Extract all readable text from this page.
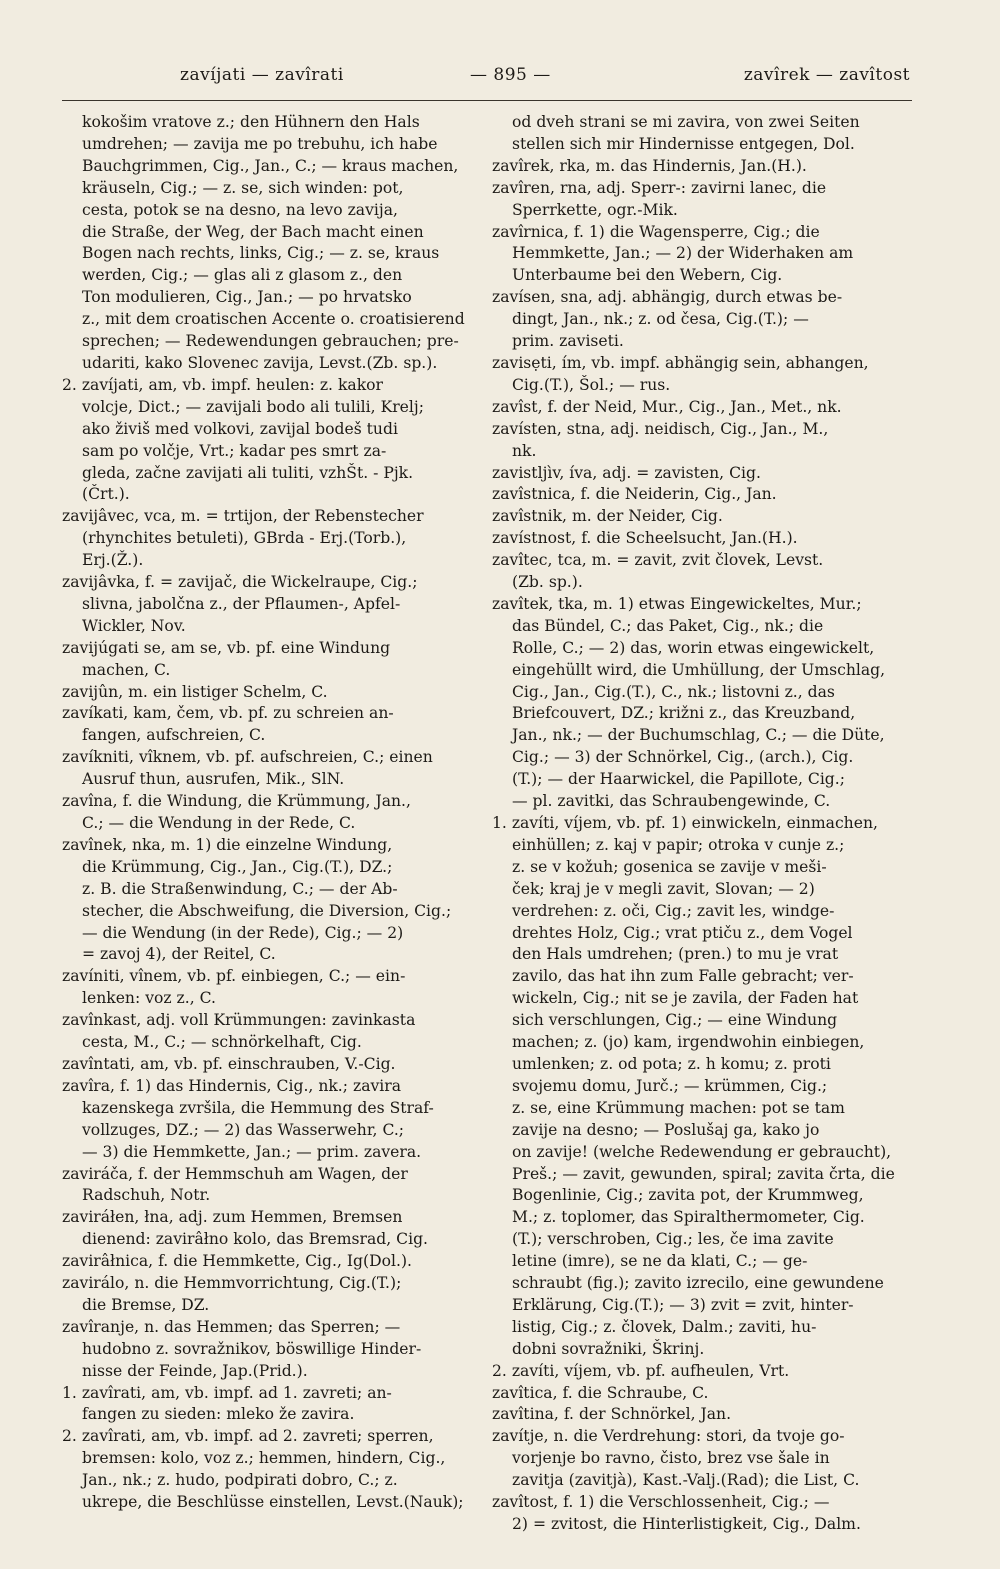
zavíjati — zavîrati	— 895 —	zavîrek — zavîtost
kokošim vratove z.; den Hühnern den Hals
umdrehen; — zavija me po trebuhu, ich habe
Bauchgrimmen, Cig., Jan., C.; — kraus machen,
kräuseln, Cig.; — z. se, sich winden: pot,
cesta, potok se na desno, na levo zavija,
die Straße, der Weg, der Bach macht einen
Bogen nach rechts, links, Cig.; — z. se, kraus
werden, Cig.; — glas ali z glasom z., den
Ton modulieren, Cig., Jan.; — po hrvatsko
z., mit dem croatischen Accente o. croatisierend
sprechen; — Redewendungen gebrauchen; pre-
udariti, kako Slovenec zavija, Levst.(Zb. sp.).
2. zavíjati, am, vb. impf. heulen: z. kakor
volcje, Dict.; — zavijali bodo ali tulili, Krelj;
ako živiš med volkovi, zavijal bodeš tudi
sam po volčje, Vrt.; kadar pes smrt za-
gleda, začne zavijati ali tuliti, vzhŠt. - Pjk.
(Črt.).
zavijâvec, vca, m. = trtijon, der Rebenstecher
(rhynchites betuleti), GBrda - Erj.(Torb.),
Erj.(Ž.).
zavijâvka, f. = zavijač, die Wickelraupe, Cig.;
slivna, jabolčna z., der Pflaumen-, Apfel-
Wickler, Nov.
zavijúgati se, am se, vb. pf. eine Windung
machen, C.
zavijûn, m. ein listiger Schelm, C.
zavíkati, kam, čem, vb. pf. zu schreien an-
fangen, aufschreien, C.
zavíkniti, vîknem, vb. pf. aufschreien, C.; einen
Ausruf thun, ausrufen, Mik., SlN.
zavîna, f. die Windung, die Krümmung, Jan.,
C.; — die Wendung in der Rede, C.
zavînek, nka, m. 1) die einzelne Windung,
die Krümmung, Cig., Jan., Cig.(T.), DZ.;
z. B. die Straßenwindung, C.; — der Ab-
stecher, die Abschweifung, die Diversion, Cig.;
— die Wendung (in der Rede), Cig.; — 2)
= zavoj 4), der Reitel, C.
zavíniti, vînem, vb. pf. einbiegen, C.; — ein-
lenken: voz z., C.
zavînkast, adj. voll Krümmungen: zavinkasta
cesta, M., C.; — schnörkelhaft, Cig.
zavîntati, am, vb. pf. einschrauben, V.-Cig.
zavîra, f. 1) das Hindernis, Cig., nk.; zavira
kazenskega zvršila, die Hemmung des Straf-
vollzuges, DZ.; — 2) das Wasserwehr, C.;
— 3) die Hemmkette, Jan.; — prim. zavera.
zaviráča, f. der Hemmschuh am Wagen, der
Radschuh, Notr.
zaviráłen, łna, adj. zum Hemmen, Bremsen
dienend: zavirâłno kolo, das Bremsrad, Cig.
zavirâłnica, f. die Hemmkette, Cig., Ig(Dol.).
zavirálo, n. die Hemmvorrichtung, Cig.(T.);
die Bremse, DZ.
zavîranje, n. das Hemmen; das Sperren; —
hudobno z. sovražnikov, böswillige Hinder-
nisse der Feinde, Jap.(Prid.).
1. zavîrati, am, vb. impf. ad 1. zavreti; an-
fangen zu sieden: mleko že zavira.
2. zavîrati, am, vb. impf. ad 2. zavreti; sperren,
bremsen: kolo, voz z.; hemmen, hindern, Cig.,
Jan., nk.; z. hudo, podpirati dobro, C.; z.
ukrepe, die Beschlüsse einstellen, Levst.(Nauk);
od dveh strani se mi zavira, von zwei Seiten
stellen sich mir Hindernisse entgegen, Dol.
zavîrek, rka, m. das Hindernis, Jan.(H.).
zavîren, rna, adj. Sperr-: zavirni lanec, die
Sperrkette, ogr.-Mik.
zavîrnica, f. 1) die Wagensperre, Cig.; die
Hemmkette, Jan.; — 2) der Widerhaken am
Unterbaume bei den Webern, Cig.
zavísen, sna, adj. abhängig, durch etwas be-
dingt, Jan., nk.; z. od česa, Cig.(T.); —
prim. zaviseti.
zavisẹti, ím, vb. impf. abhängig sein, abhangen,
Cig.(T.), Šol.; — rus.
zavîst, f. der Neid, Mur., Cig., Jan., Met., nk.
zavísten, stna, adj. neidisch, Cig., Jan., M.,
nk.
zavistljìv, íva, adj. = zavisten, Cig.
zavîstnica, f. die Neiderin, Cig., Jan.
zavîstnik, m. der Neider, Cig.
zavístnost, f. die Scheelsucht, Jan.(H.).
zavîtec, tca, m. = zavit, zvit človek, Levst.
(Zb. sp.).
zavîtek, tka, m. 1) etwas Eingewickeltes, Mur.;
das Bündel, C.; das Paket, Cig., nk.; die
Rolle, C.; — 2) das, worin etwas eingewickelt,
eingehüllt wird, die Umhüllung, der Umschlag,
Cig., Jan., Cig.(T.), C., nk.; listovni z., das
Briefcouvert, DZ.; križni z., das Kreuzband,
Jan., nk.; — der Buchumschlag, C.; — die Düte,
Cig.; — 3) der Schnörkel, Cig., (arch.), Cig.
(T.); — der Haarwickel, die Papillote, Cig.;
— pl. zavitki, das Schraubengewinde, C.
1. zavíti, víjem, vb. pf. 1) einwickeln, einmachen,
einhüllen; z. kaj v papir; otroka v cunje z.;
z. se v kožuh; gosenica se zavije v meši-
ček; kraj je v megli zavit, Slovan; — 2)
verdrehen: z. oči, Cig.; zavit les, windge-
drehtes Holz, Cig.; vrat ptiču z., dem Vogel
den Hals umdrehen; (pren.) to mu je vrat
zavilo, das hat ihn zum Falle gebracht; ver-
wickeln, Cig.; nit se je zavila, der Faden hat
sich verschlungen, Cig.; — eine Windung
machen; z. (jo) kam, irgendwohin einbiegen,
umlenken; z. od pota; z. h komu; z. proti
svojemu domu, Jurč.; — krümmen, Cig.;
z. se, eine Krümmung machen: pot se tam
zavije na desno; — Poslušaj ga, kako jo
on zavije! (welche Redewendung er gebraucht),
Preš.; — zavit, gewunden, spiral; zavita črta, die
Bogenlinie, Cig.; zavita pot, der Krummweg,
M.; z. toplomer, das Spiralthermometer, Cig.
(T.); verschroben, Cig.; les, če ima zavite
letine (imre), se ne da klati, C.; — ge-
schraubt (fig.); zavito izrecilo, eine gewundene
Erklärung, Cig.(T.); — 3) zvit = zvit, hinter-
listig, Cig.; z. človek, Dalm.; zaviti, hu-
dobni sovražniki, Škrinj.
2. zavíti, víjem, vb. pf. aufheulen, Vrt.
zavîtica, f. die Schraube, C.
zavîtina, f. der Schnörkel, Jan.
zavítje, n. die Verdrehung: stori, da tvoje go-
vorjenje bo ravno, čisto, brez vse šale in
zavitja (zavitjà), Kast.-Valj.(Rad); die List, C.
zavîtost, f. 1) die Verschlossenheit, Cig.; —
2) = zvitost, die Hinterlistigkeit, Cig., Dalm.
